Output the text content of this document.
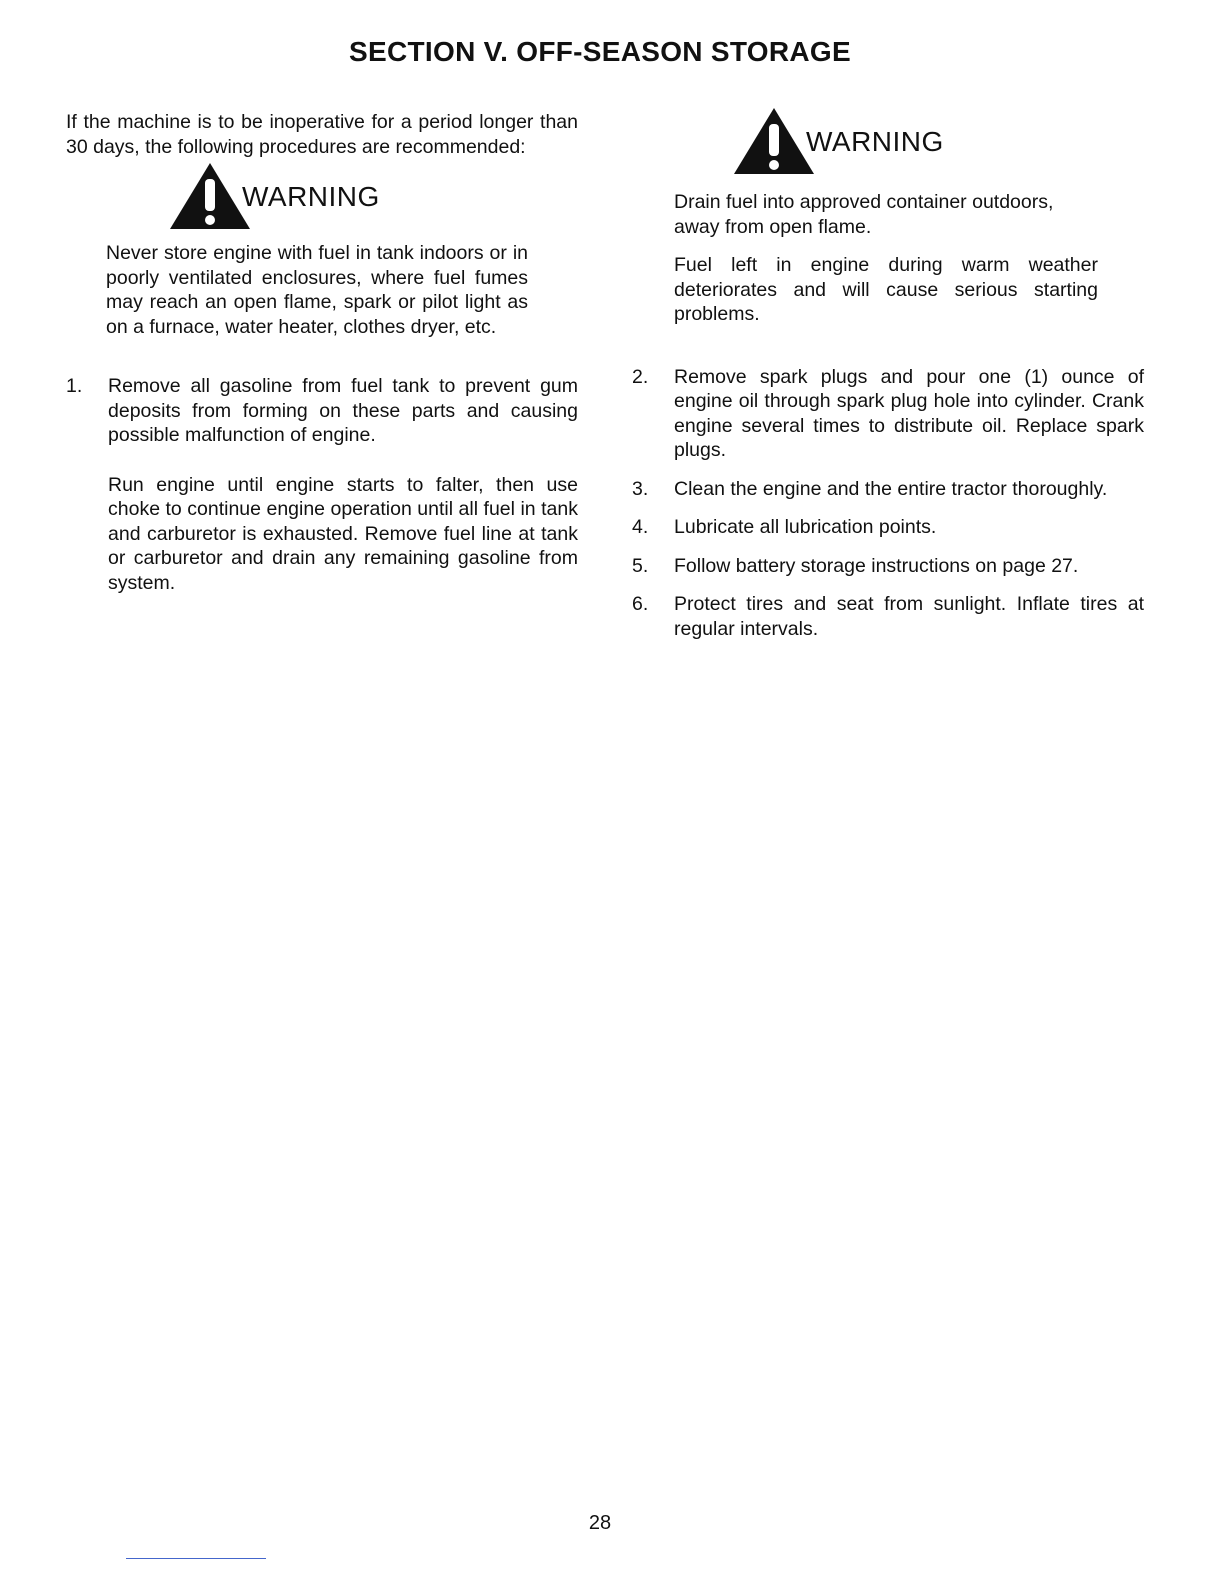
SECTION V. OFF-SEASON STORAGE

If the machine is to be inoperative for a period longer than 30 days, the following procedures are recommended:

WARNING

Never store engine with fuel in tank indoors or in poorly ventilated enclosures, where fuel fumes may reach an open flame, spark or pilot light as on a furnace, water heater, clothes dryer, etc.

1.	Remove all gasoline from fuel tank to prevent gum deposits from forming on these parts and causing possible malfunction of engine.

Run engine until engine starts to falter, then use choke to continue engine operation until all fuel in tank and carburetor is exhausted. Remove fuel line at tank or carburetor and drain any remaining gasoline from system.

WARNING

Drain fuel into approved container outdoors, away from open flame.

Fuel left in engine during warm weather deteriorates and will cause serious starting problems.

2.	Remove spark plugs and pour one (1) ounce of engine oil through spark plug hole into cylinder. Crank engine several times to distribute oil. Replace spark plugs.

3.	Clean the engine and the entire tractor thoroughly.

4.	Lubricate all lubrication points.

5.	Follow battery storage instructions on page 27.

6.	Protect tires and seat from sunlight. Inflate tires at regular intervals.

28
